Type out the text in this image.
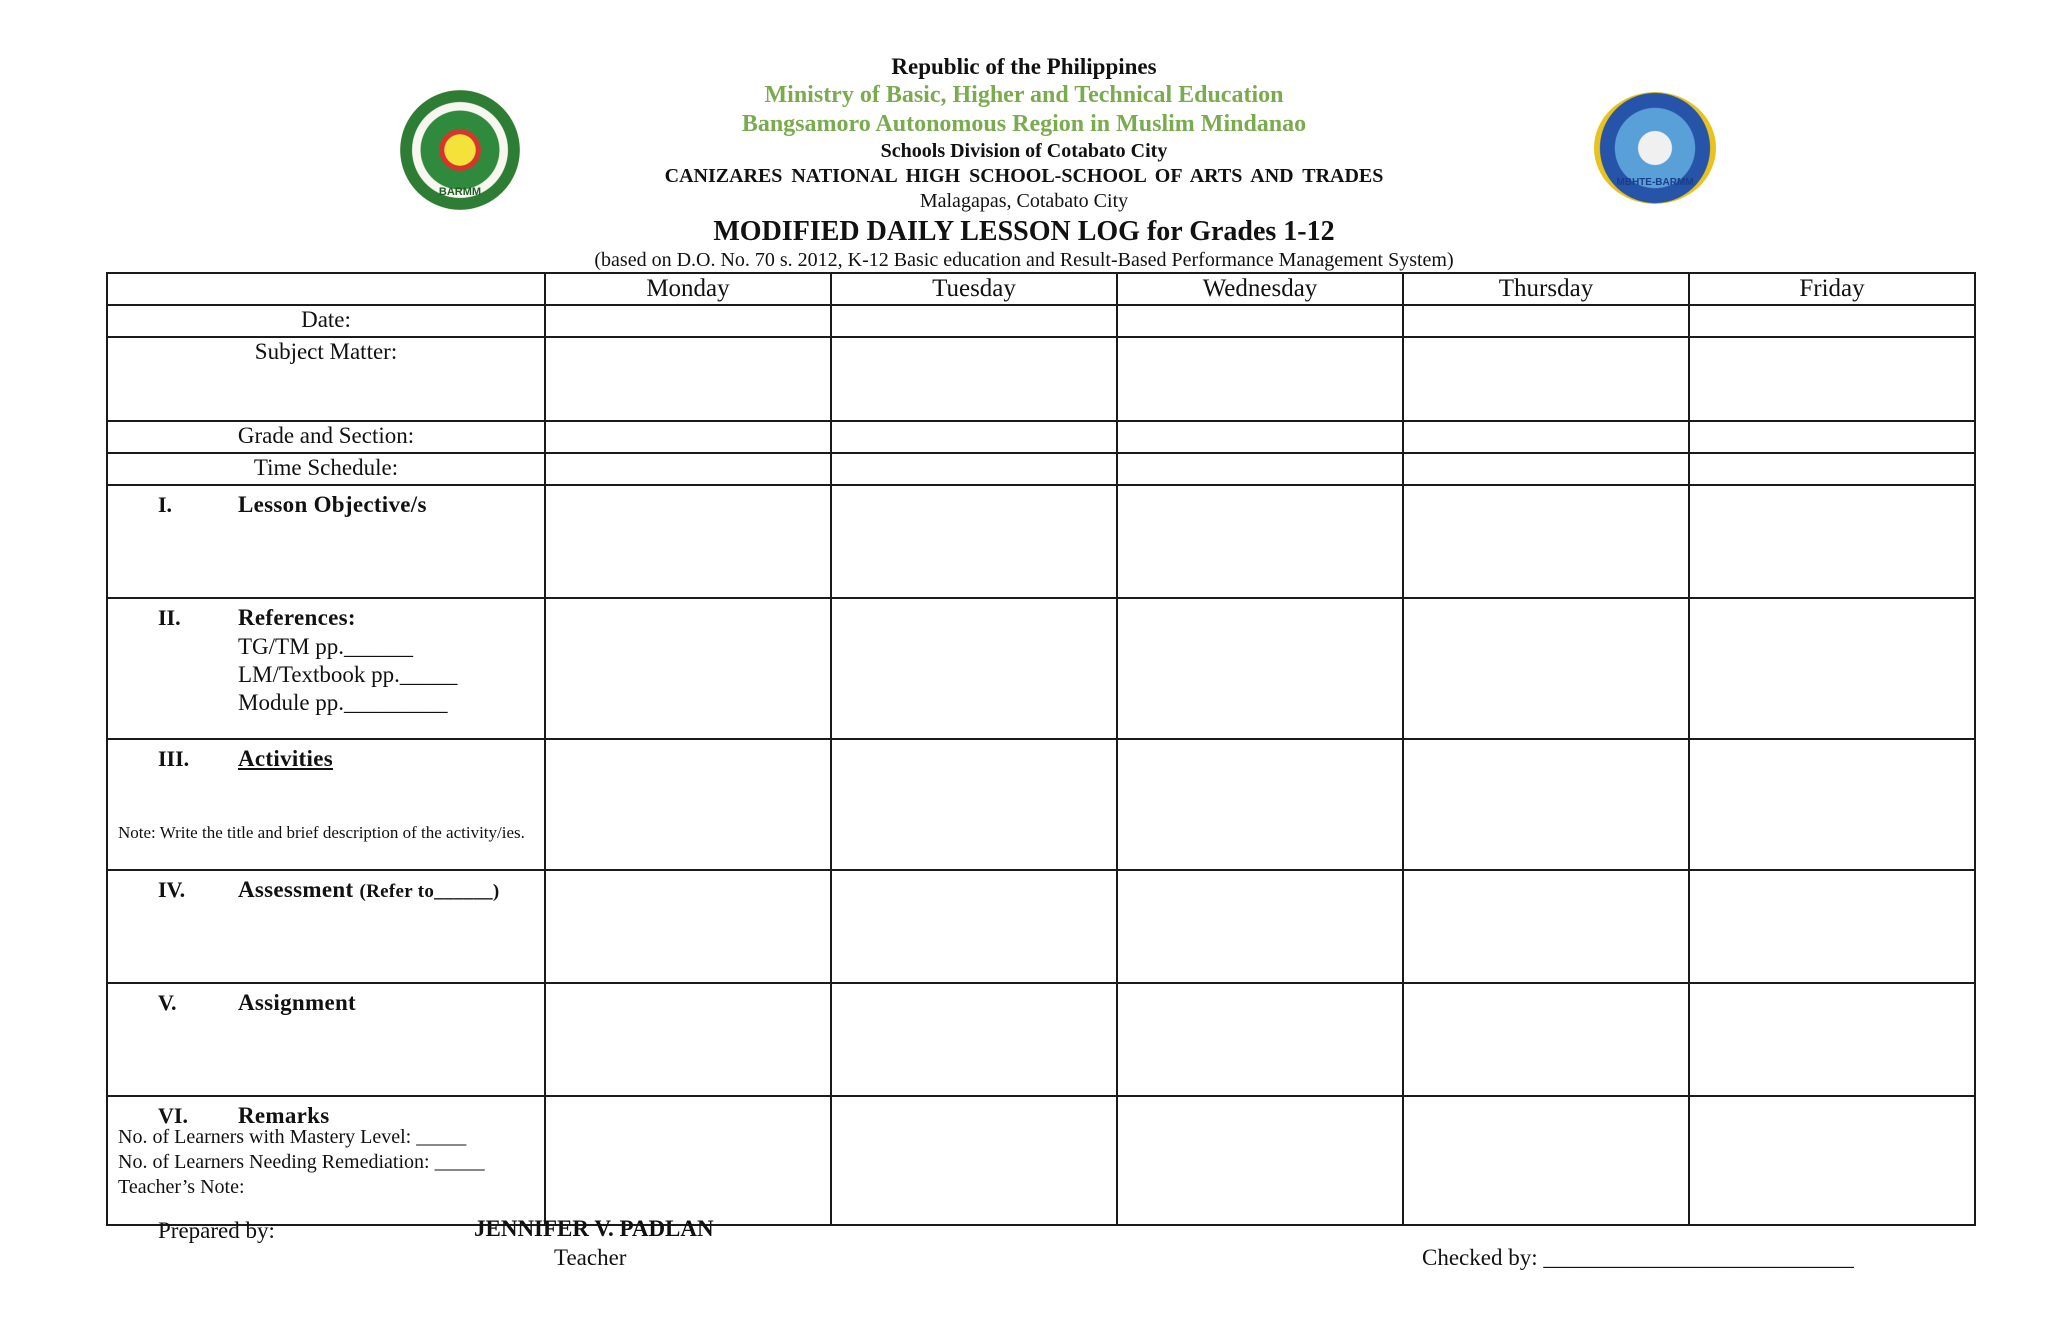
Republic of the Philippines
Ministry of Basic, Higher and Technical Education
Bangsamoro Autonomous Region in Muslim Mindanao
Schools Division of Cotabato City
CANIZARES NATIONAL HIGH SCHOOL-SCHOOL OF ARTS AND TRADES
Malagapas, Cotabato City
MODIFIED DAILY LESSON LOG for Grades 1-12
(based on D.O. No. 70 s. 2012, K-12 Basic education and Result-Based Performance Management System)
BARMM
MBHTE-BARMM
	Monday	Tuesday	Wednesday	Thursday	Friday
Date:					
Subject Matter:					
Grade and Section:					
Time Schedule:					

I. Lesson Objective/s					

II. References:
TG/TM pp.______
LM/Textbook pp._____
Module pp._________					

III. Activities
Note: Write the title and brief description of the activity/ies.					

IV. Assessment (Refer to______)					

V. Assignment					

VI. Remarks
No. of Learners with Mastery Level: _____
No. of Learners Needing Remediation: _____
Teacher’s Note:					

Prepared by:	JENNIFER V. PADLAN
Teacher	Checked by: ___________________________
